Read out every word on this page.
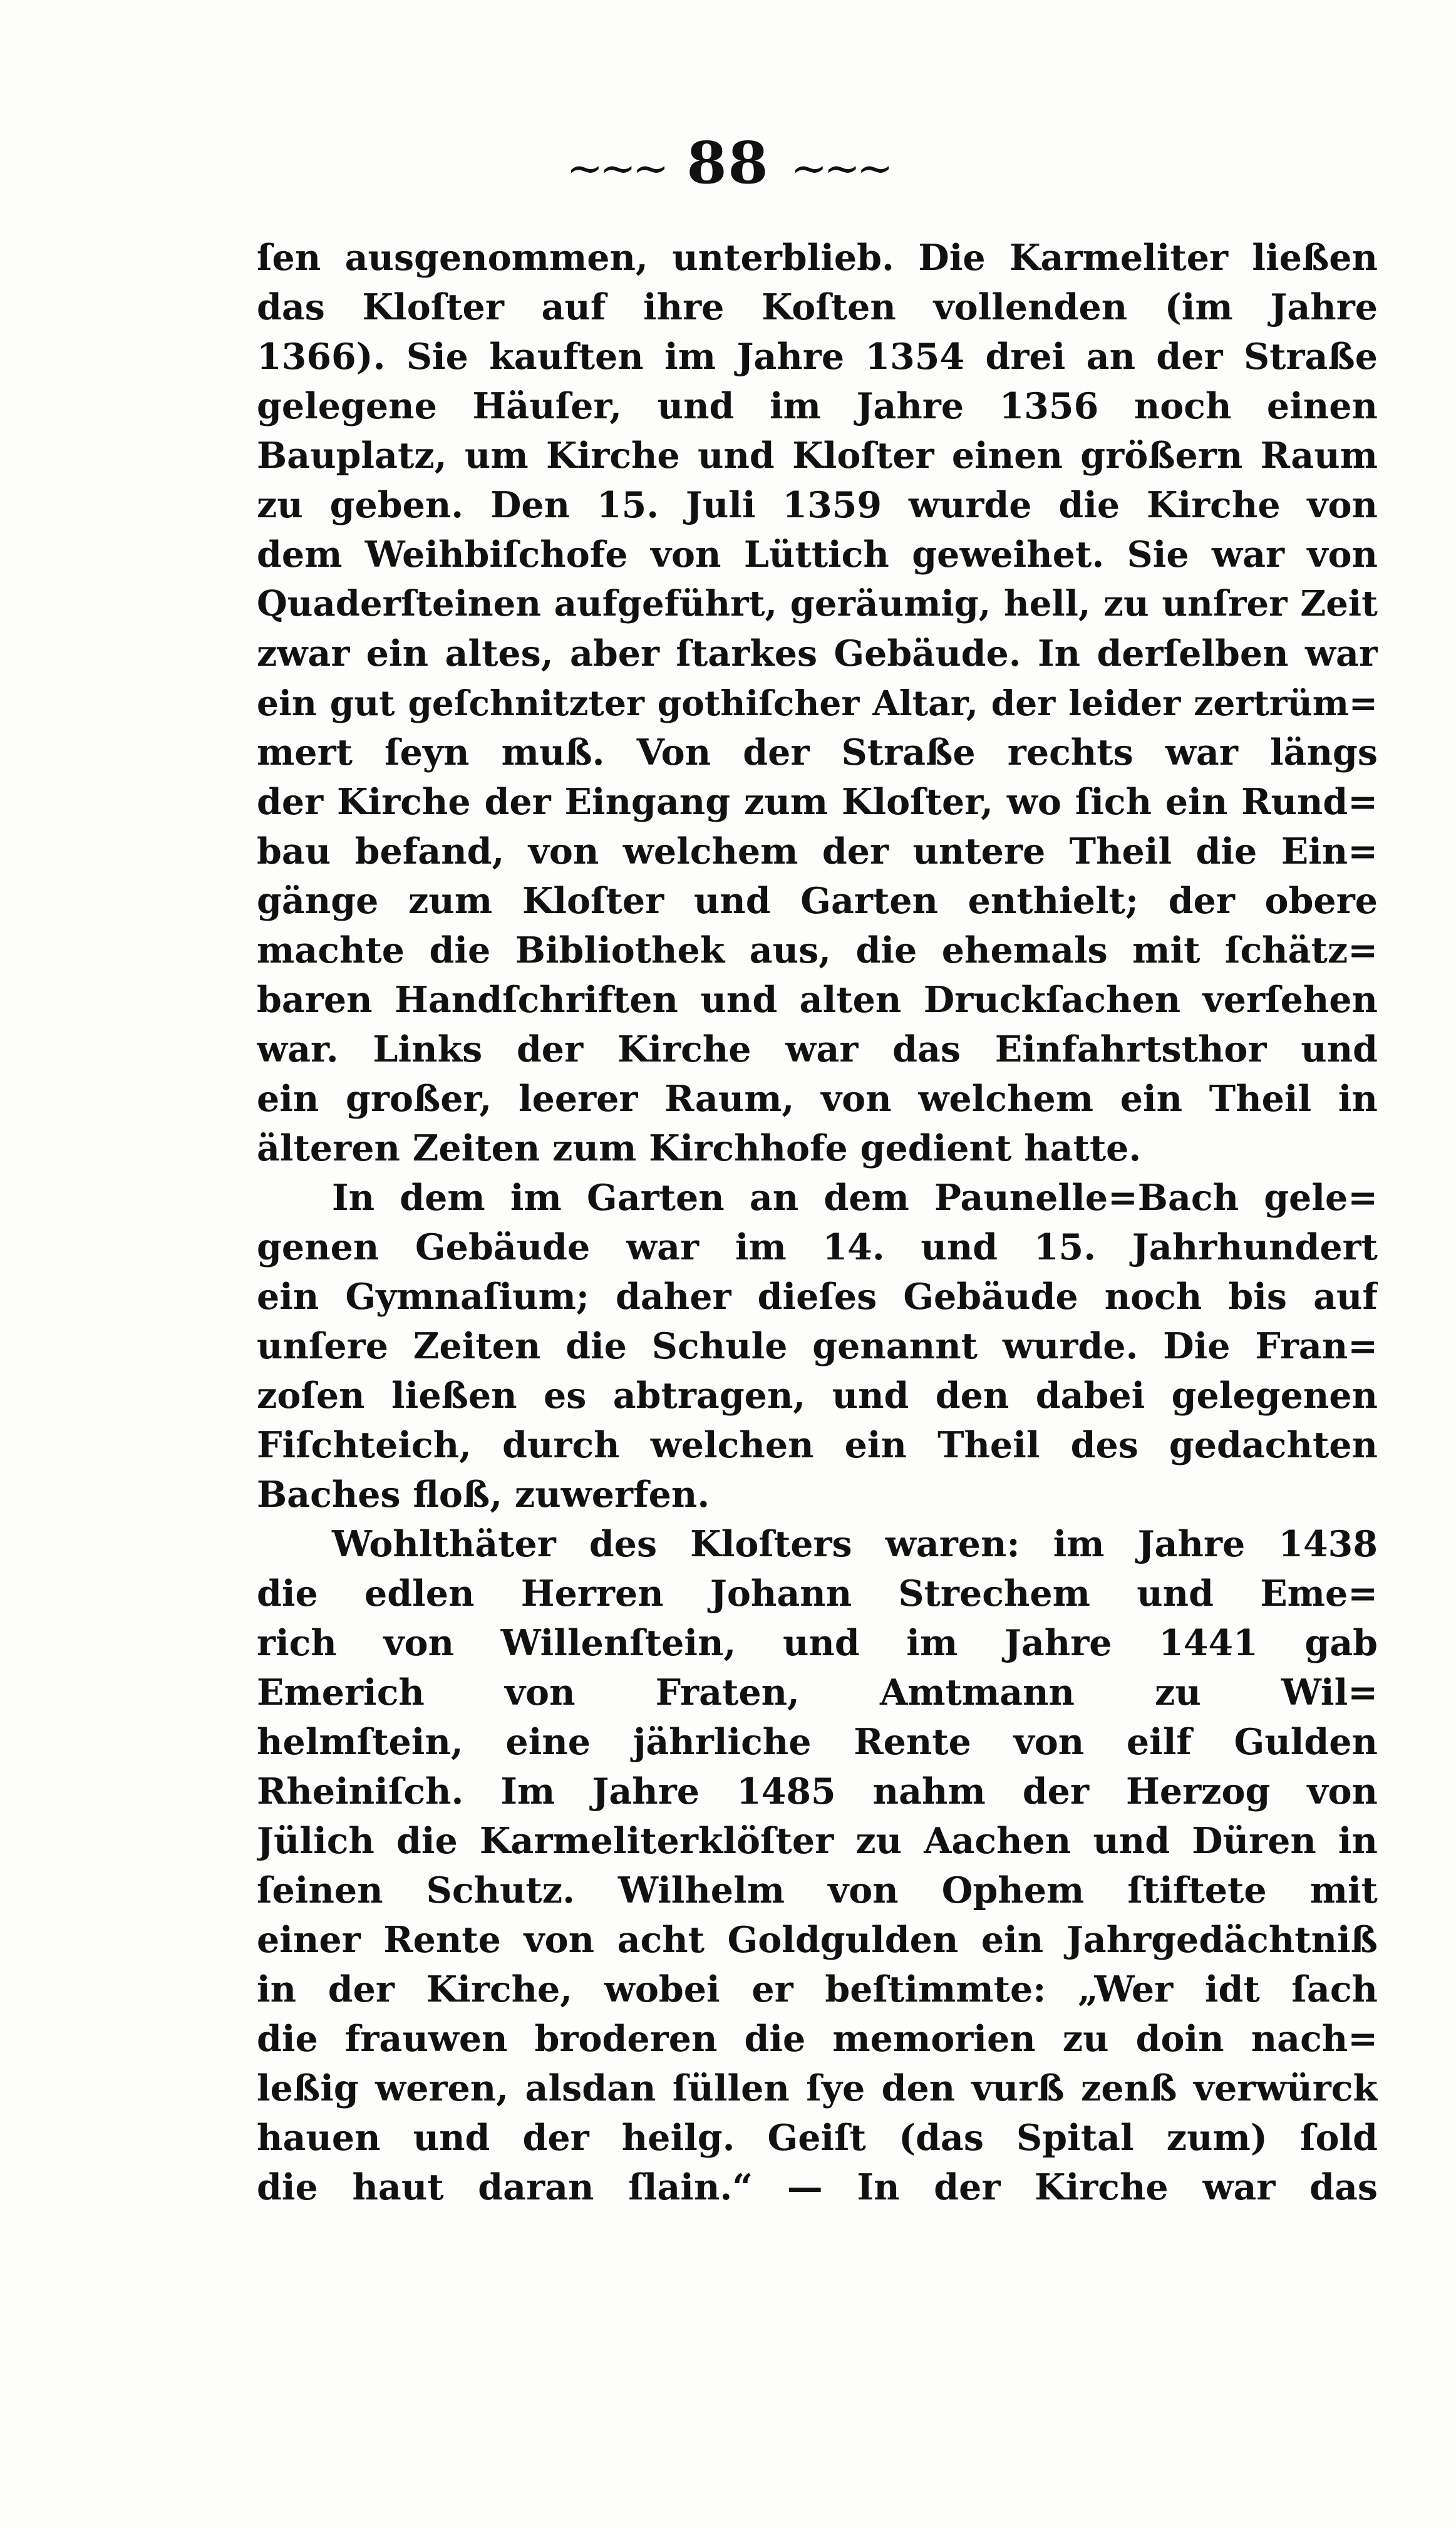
~~~ 88 ~~~
ſen ausgenommen, unterblieb. Die Karmeliter ließen
das Kloſter auf ihre Koſten vollenden (im Jahre
1366). Sie kauften im Jahre 1354 drei an der Straße
gelegene Häuſer, und im Jahre 1356 noch einen
Bauplatz, um Kirche und Kloſter einen größern Raum
zu geben. Den 15. Juli 1359 wurde die Kirche von
dem Weihbiſchofe von Lüttich geweihet. Sie war von
Quaderſteinen aufgeführt, geräumig, hell, zu unſrer Zeit
zwar ein altes, aber ſtarkes Gebäude. In derſelben war
ein gut geſchnitzter gothiſcher Altar, der leider zertrüm=
mert ſeyn muß. Von der Straße rechts war längs
der Kirche der Eingang zum Kloſter, wo ſich ein Rund=
bau befand, von welchem der untere Theil die Ein=
gänge zum Kloſter und Garten enthielt; der obere
machte die Bibliothek aus, die ehemals mit ſchätz=
baren Handſchriften und alten Druckſachen verſehen
war. Links der Kirche war das Einfahrtsthor und
ein großer, leerer Raum, von welchem ein Theil in
älteren Zeiten zum Kirchhofe gedient hatte.
In dem im Garten an dem Paunelle=Bach gele=
genen Gebäude war im 14. und 15. Jahrhundert
ein Gymnaſium; daher dieſes Gebäude noch bis auf
unſere Zeiten die Schule genannt wurde. Die Fran=
zoſen ließen es abtragen, und den dabei gelegenen
Fiſchteich, durch welchen ein Theil des gedachten
Baches floß, zuwerfen.
Wohlthäter des Kloſters waren: im Jahre 1438
die edlen Herren Johann Strechem und Eme=
rich von Willenſtein, und im Jahre 1441 gab
Emerich von Fraten, Amtmann zu Wil=
helmſtein, eine jährliche Rente von eilf Gulden
Rheiniſch. Im Jahre 1485 nahm der Herzog von
Jülich die Karmeliterklöſter zu Aachen und Düren in
ſeinen Schutz. Wilhelm von Ophem ſtiftete mit
einer Rente von acht Goldgulden ein Jahrgedächtniß
in der Kirche, wobei er beſtimmte: „Wer idt ſach
die frauwen broderen die memorien zu doin nach=
leßig weren, alsdan ſüllen ſye den vurß zenß verwürck
hauen und der heilg. Geiſt (das Spital zum) ſold
die haut daran ſlain.“ — In der Kirche war das
